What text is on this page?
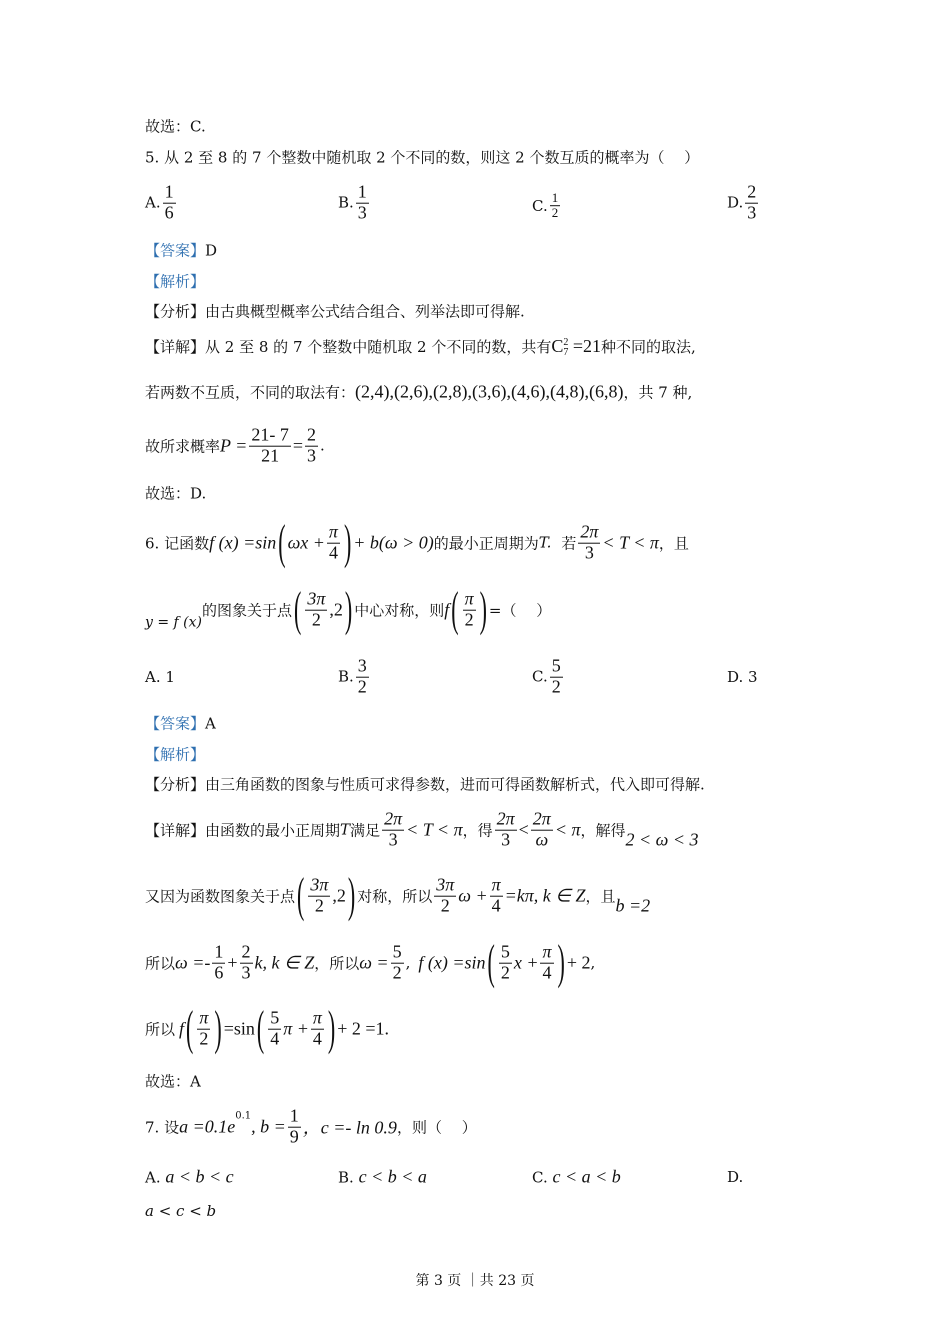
故选：C.
5. 从 2 至 8 的 7 个整数中随机取 2 个不同的数，则这 2 个数互质的概率为（　 ）
A. $\frac{1}{6}$	B. $\frac{1}{3}$	C. $\frac{1}{2}$	D. $\frac{2}{3}$
【答案】 D
【解析】
【分析】 由古典概型概率公式结合组合、列举法即可得解.
【详解】 从 2 至 8 的 7 个整数中随机取 2 个不同的数，共有 C 2
7 =21 种不同的取法,
若两数不互质，不同的取法有： (2,4),(2,6),(2,8),(3,6),(4,6),(4,8),(6,8) ，共 7 种,
故所求概率 $P = \frac{21- 7}{21} = \frac{2}{3}$ .
故选：D.
6. 记函数 f (x) =sin ( $\omega x + \frac{\pi}{4}$ ) + b(ω > 0) 的最小正周期为 T. 若 $\frac{2\pi}{3} < T < \pi$ ，且
y = f (x)
的图象关于点 ( $\frac{3\pi}{2} ,2$ ) 中心对称，则 f ( $\frac{\pi}{2}$ ) =（　 ）
A.
1	B. $\frac{3}{2}$	C. $\frac{5}{2}$	D.
3
【答案】 A
【解析】
【分析】 由三角函数的图象与性质可求得参数，进而可得函数解析式，代入即可得解.
【详解】 由函数的最小正周期 T 满足 $\frac{2\pi}{3} < T < \pi$ ，得 $\frac{2\pi}{3} < \frac{2\pi}{\omega} < \pi$ ，解得 2 < ω < 3
又因为函数图象关于点 ( $\frac{3\pi}{2} ,2$ ) 对称，所以 $\frac{3\pi}{2}$ $\omega + \frac{\pi}{4} =k\pi$, k ∈ Z ，且 b =2
所以 $\omega =- \frac{1}{6} + \frac{2}{3} k$, k ∈ Z ，所以 $\omega = \frac{5}{2}$ , f (x) =sin ( $\frac{5}{2}$ $x + \frac{\pi}{4}$ ) + 2 ,
所以 f ( $\frac{\pi}{2}$ ) =sin ( $\frac{5}{4}$ $\pi + \frac{\pi}{4}$ ) + 2 =1.
故选：A
7. 设 a =0.1e
0.1
, $b = \frac{1}{9}$ ，c =- ln 0.9 ，则（　 ）
A.
a < b < c	B.
c < b < a	C.
c < a < b	D.
a < c < b
第 3 页 ｜共 23 页
